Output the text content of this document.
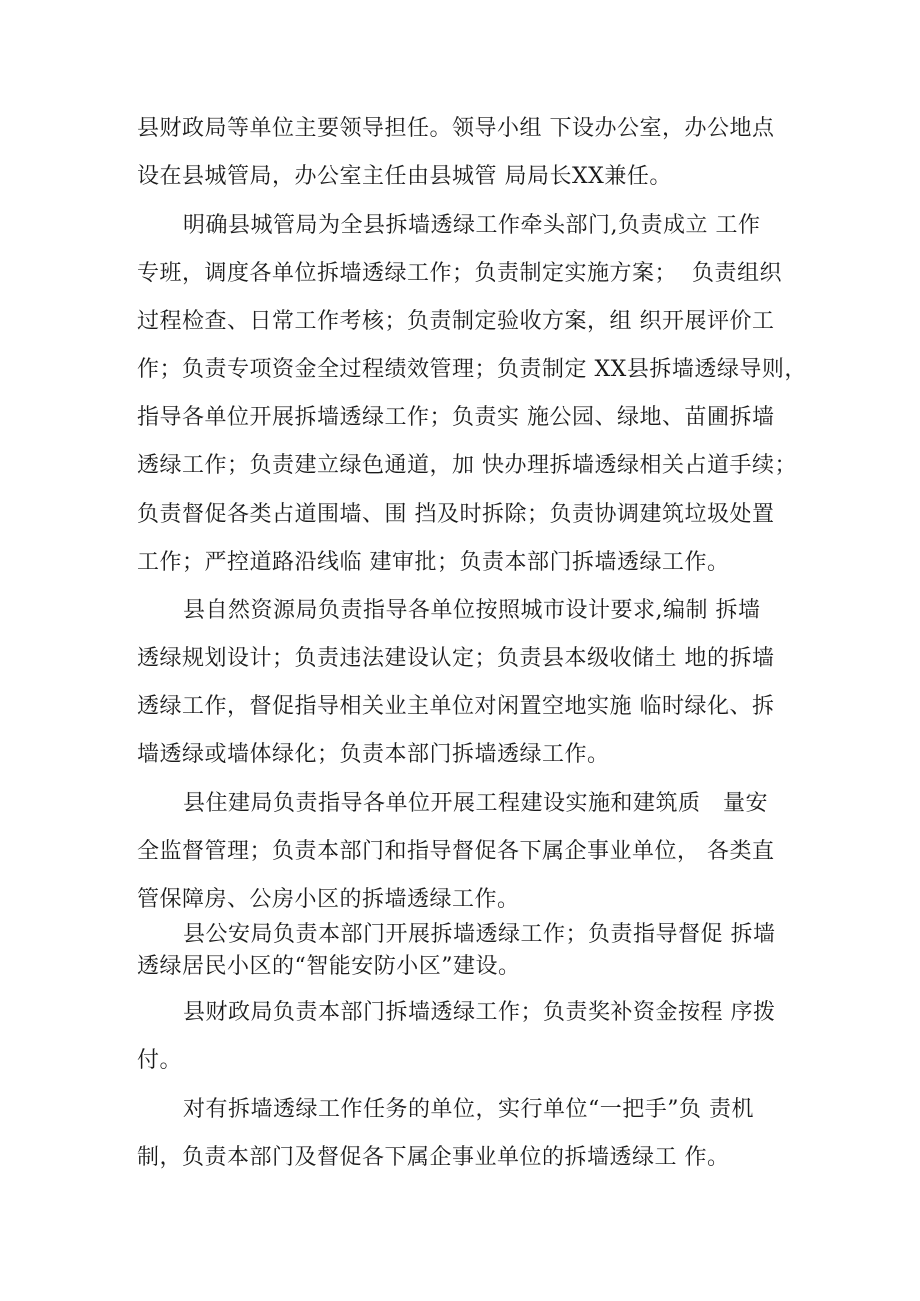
县财政局等单位主要领导担任。领导小组 下设办公室，办公地点

设在县城管局，办公室主任由县城管 局局长XX兼任。

明确县城管局为全县拆墙透绿工作牵头部门,负责成立 工作

专班，调度各单位拆墙透绿工作；负责制定实施方案；  负责组织

过程检查、日常工作考核；负责制定验收方案，组 织开展评价工

作；负责专项资金全过程绩效管理；负责制定 XX县拆墙透绿导则，

指导各单位开展拆墙透绿工作；负责实 施公园、绿地、苗圃拆墙

透绿工作；负责建立绿色通道，加 快办理拆墙透绿相关占道手续；

负责督促各类占道围墙、围 挡及时拆除；负责协调建筑垃圾处置

工作；严控道路沿线临 建审批；负责本部门拆墙透绿工作。

县自然资源局负责指导各单位按照城市设计要求,编制 拆墙

透绿规划设计；负责违法建设认定；负责县本级收储土 地的拆墙

透绿工作，督促指导相关业主单位对闲置空地实施 临时绿化、拆

墙透绿或墙体绿化；负责本部门拆墙透绿工作。

县住建局负责指导各单位开展工程建设实施和建筑质   量安

全监督管理；负责本部门和指导督促各下属企事业单位， 各类直

管保障房、公房小区的拆墙透绿工作。

县公安局负责本部门开展拆墙透绿工作；负责指导督促 拆墙

透绿居民小区的“智能安防小区”建设。

县财政局负责本部门拆墙透绿工作；负责奖补资金按程 序拨

付。

对有拆墙透绿工作任务的单位，实行单位“一把手”负 责机

制，负责本部门及督促各下属企事业单位的拆墙透绿工 作。
